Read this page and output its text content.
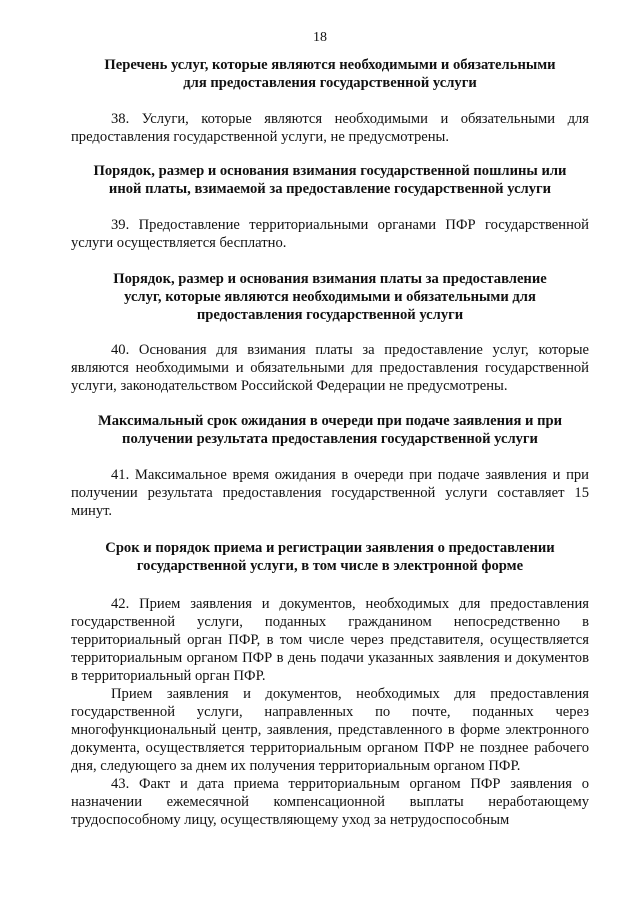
18
Перечень услуг, которые являются необходимыми и обязательными
для предоставления государственной услуги

38. Услуги, которые являются необходимыми и обязательными для предоставления государственной услуги, не предусмотрены.

Порядок, размер и основания взимания государственной пошлины или
иной платы, взимаемой за предоставление государственной услуги

39. Предоставление территориальными органами ПФР государственной услуги осуществляется бесплатно.

Порядок, размер и основания взимания платы за предоставление
услуг, которые являются необходимыми и обязательными для
предоставления государственной услуги

40. Основания для взимания платы за предоставление услуг, которые являются необходимыми и обязательными для предоставления государственной услуги, законодательством Российской Федерации не предусмотрены.

Максимальный срок ожидания в очереди при подаче заявления и при
получении результата предоставления государственной услуги

41. Максимальное время ожидания в очереди при подаче заявления и при получении результата предоставления государственной услуги составляет 15 минут.

Срок и порядок приема и регистрации заявления о предоставлении
государственной услуги, в том числе в электронной форме

42. Прием заявления и документов, необходимых для предоставления государственной услуги, поданных гражданином непосредственно в территориальный орган ПФР, в том числе через представителя, осуществляется территориальным органом ПФР в день подачи указанных заявления и документов в территориальный орган ПФР.

Прием заявления и документов, необходимых для предоставления государственной услуги, направленных по почте, поданных через многофункциональный центр, заявления, представленного в форме электронного документа, осуществляется территориальным органом ПФР не позднее рабочего дня, следующего за днем их получения территориальным органом ПФР.

43. Факт и дата приема территориальным органом ПФР заявления о назначении ежемесячной компенсационной выплаты неработающему трудоспособному лицу, осуществляющему уход за нетрудоспособным
